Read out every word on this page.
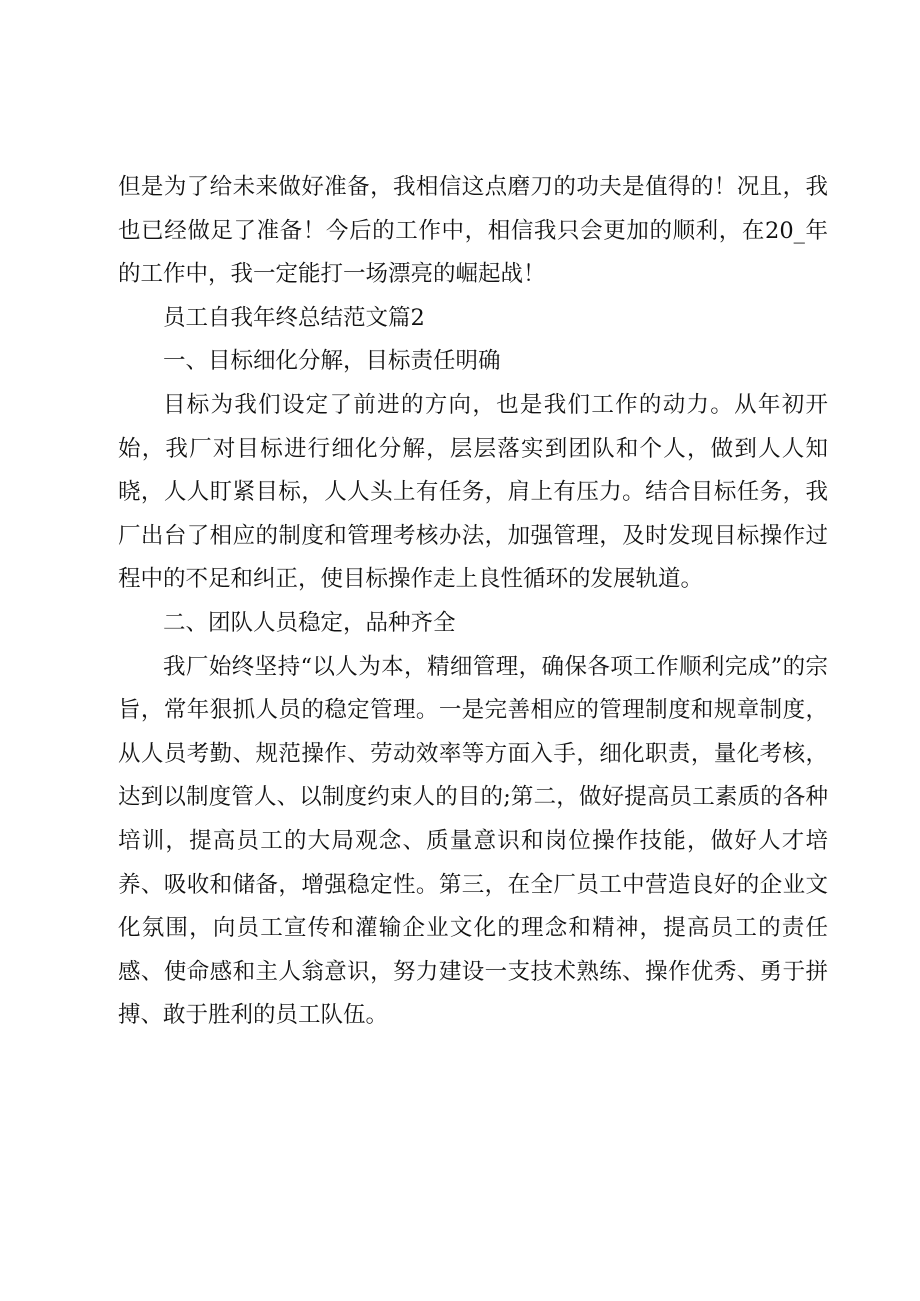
但是为了给未来做好准备，我相信这点磨刀的功夫是值得的！况且，我也已经做足了准备！今后的工作中，相信我只会更加的顺利，在20_年的工作中，我一定能打一场漂亮的崛起战！

员工自我年终总结范文篇2

一、目标细化分解，目标责任明确

目标为我们设定了前进的方向，也是我们工作的动力。从年初开始，我厂对目标进行细化分解，层层落实到团队和个人，做到人人知晓，人人盯紧目标，人人头上有任务，肩上有压力。结合目标任务，我厂出台了相应的制度和管理考核办法，加强管理，及时发现目标操作过程中的不足和纠正，使目标操作走上良性循环的发展轨道。

二、团队人员稳定，品种齐全

我厂始终坚持“以人为本，精细管理，确保各项工作顺利完成”的宗旨，常年狠抓人员的稳定管理。一是完善相应的管理制度和规章制度，从人员考勤、规范操作、劳动效率等方面入手，细化职责，量化考核，达到以制度管人、以制度约束人的目的;第二，做好提高员工素质的各种培训，提高员工的大局观念、质量意识和岗位操作技能，做好人才培养、吸收和储备，增强稳定性。第三，在全厂员工中营造良好的企业文化氛围，向员工宣传和灌输企业文化的理念和精神，提高员工的责任感、使命感和主人翁意识，努力建设一支技术熟练、操作优秀、勇于拼搏、敢于胜利的员工队伍。
